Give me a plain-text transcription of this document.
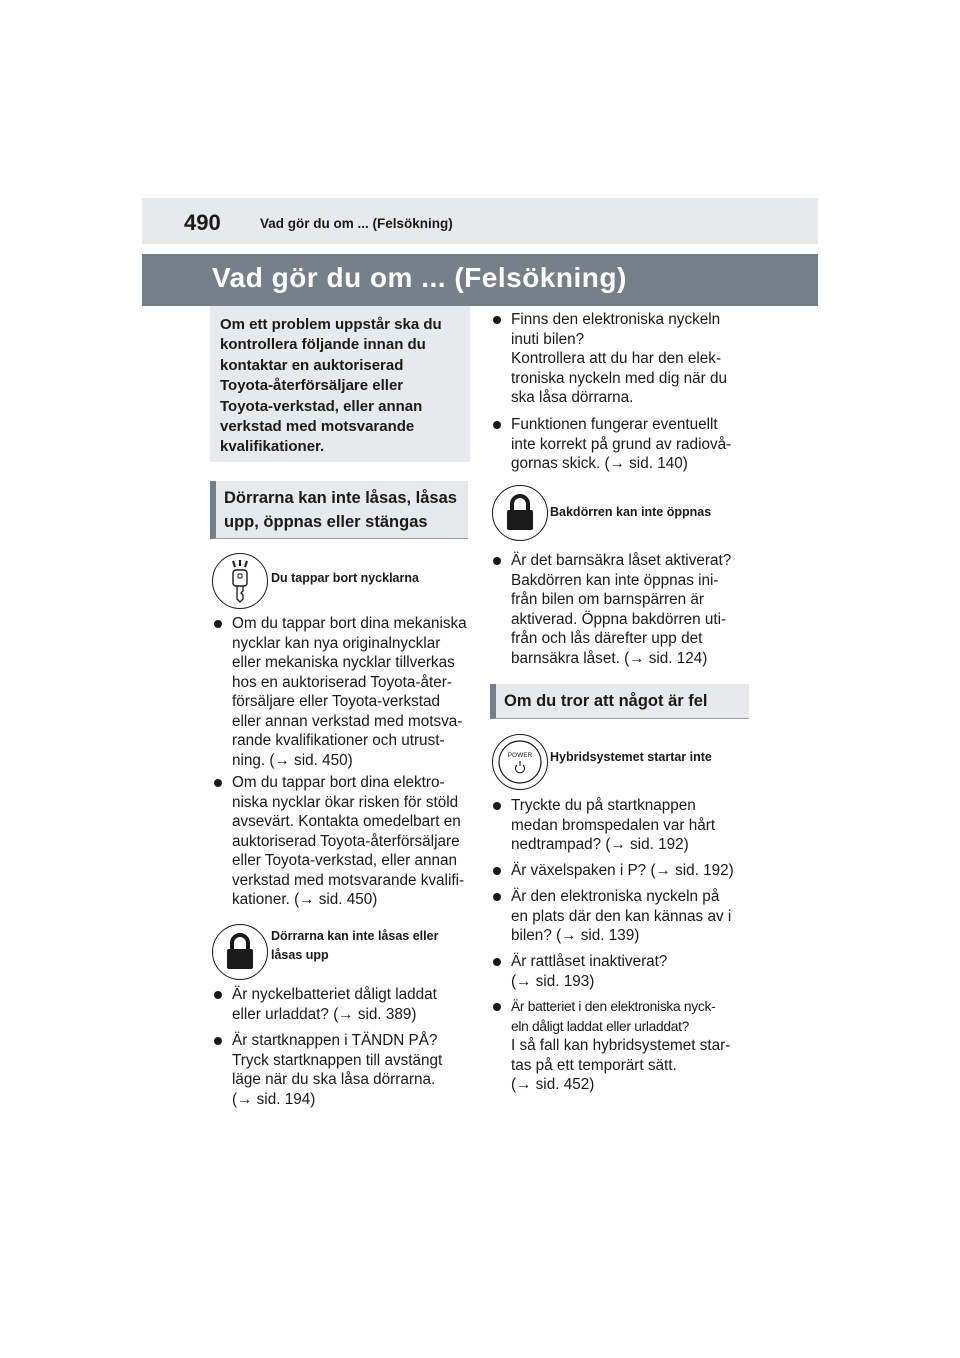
490	Vad gör du om ... (Felsökning)
Vad gör du om ... (Felsökning)

Om ett problem uppstår ska du
kontrollera följande innan du
kontaktar en auktoriserad
Toyota-återförsäljare eller
Toyota-verkstad, eller annan
verkstad med motsvarande
kvalifikationer.

Dörrarna kan inte låsas, låsas
upp, öppnas eller stängas
Du tappar bort nycklarna
Om du tappar bort dina mekaniska
nycklar kan nya originalnycklar
eller mekaniska nycklar tillverkas
hos en auktoriserad Toyota-åter-
försäljare eller Toyota-verkstad
eller annan verkstad med motsva-
rande kvalifikationer och utrust-
ning. (→ sid. 450)
Om du tappar bort dina elektro-
niska nycklar ökar risken för stöld
avsevärt. Kontakta omedelbart en
auktoriserad Toyota-återförsäljare
eller Toyota-verkstad, eller annan
verkstad med motsvarande kvalifi-
kationer. (→ sid. 450)
Dörrarna kan inte låsas eller
låsas upp
Är nyckelbatteriet dåligt laddat
eller urladdat? (→ sid. 389)
Är startknappen i TÄNDN PÅ?
Tryck startknappen till avstängt
läge när du ska låsa dörrarna.
(→ sid. 194)
Finns den elektroniska nyckeln
inuti bilen?
Kontrollera att du har den elek-
troniska nyckeln med dig när du
ska låsa dörrarna.
Funktionen fungerar eventuellt
inte korrekt på grund av radiovå-
gornas skick. (→ sid. 140)
Bakdörren kan inte öppnas
Är det barnsäkra låset aktiverat?
Bakdörren kan inte öppnas ini-
från bilen om barnspärren är
aktiverad. Öppna bakdörren uti-
från och lås därefter upp det
barnsäkra låset. (→ sid. 124)
Om du tror att något är fel
POWER Hybridsystemet startar inte
Tryckte du på startknappen
medan bromspedalen var hårt
nedtrampad? (→ sid. 192)
Är växelspaken i P? (→ sid. 192)
Är den elektroniska nyckeln på
en plats där den kan kännas av i
bilen? (→ sid. 139)
Är rattlåset inaktiverat?
(→ sid. 193)
Är batteriet i den elektroniska nyck-
eln dåligt laddat eller urladdat?
I så fall kan hybridsystemet star-
tas på ett temporärt sätt.
(→ sid. 452)
